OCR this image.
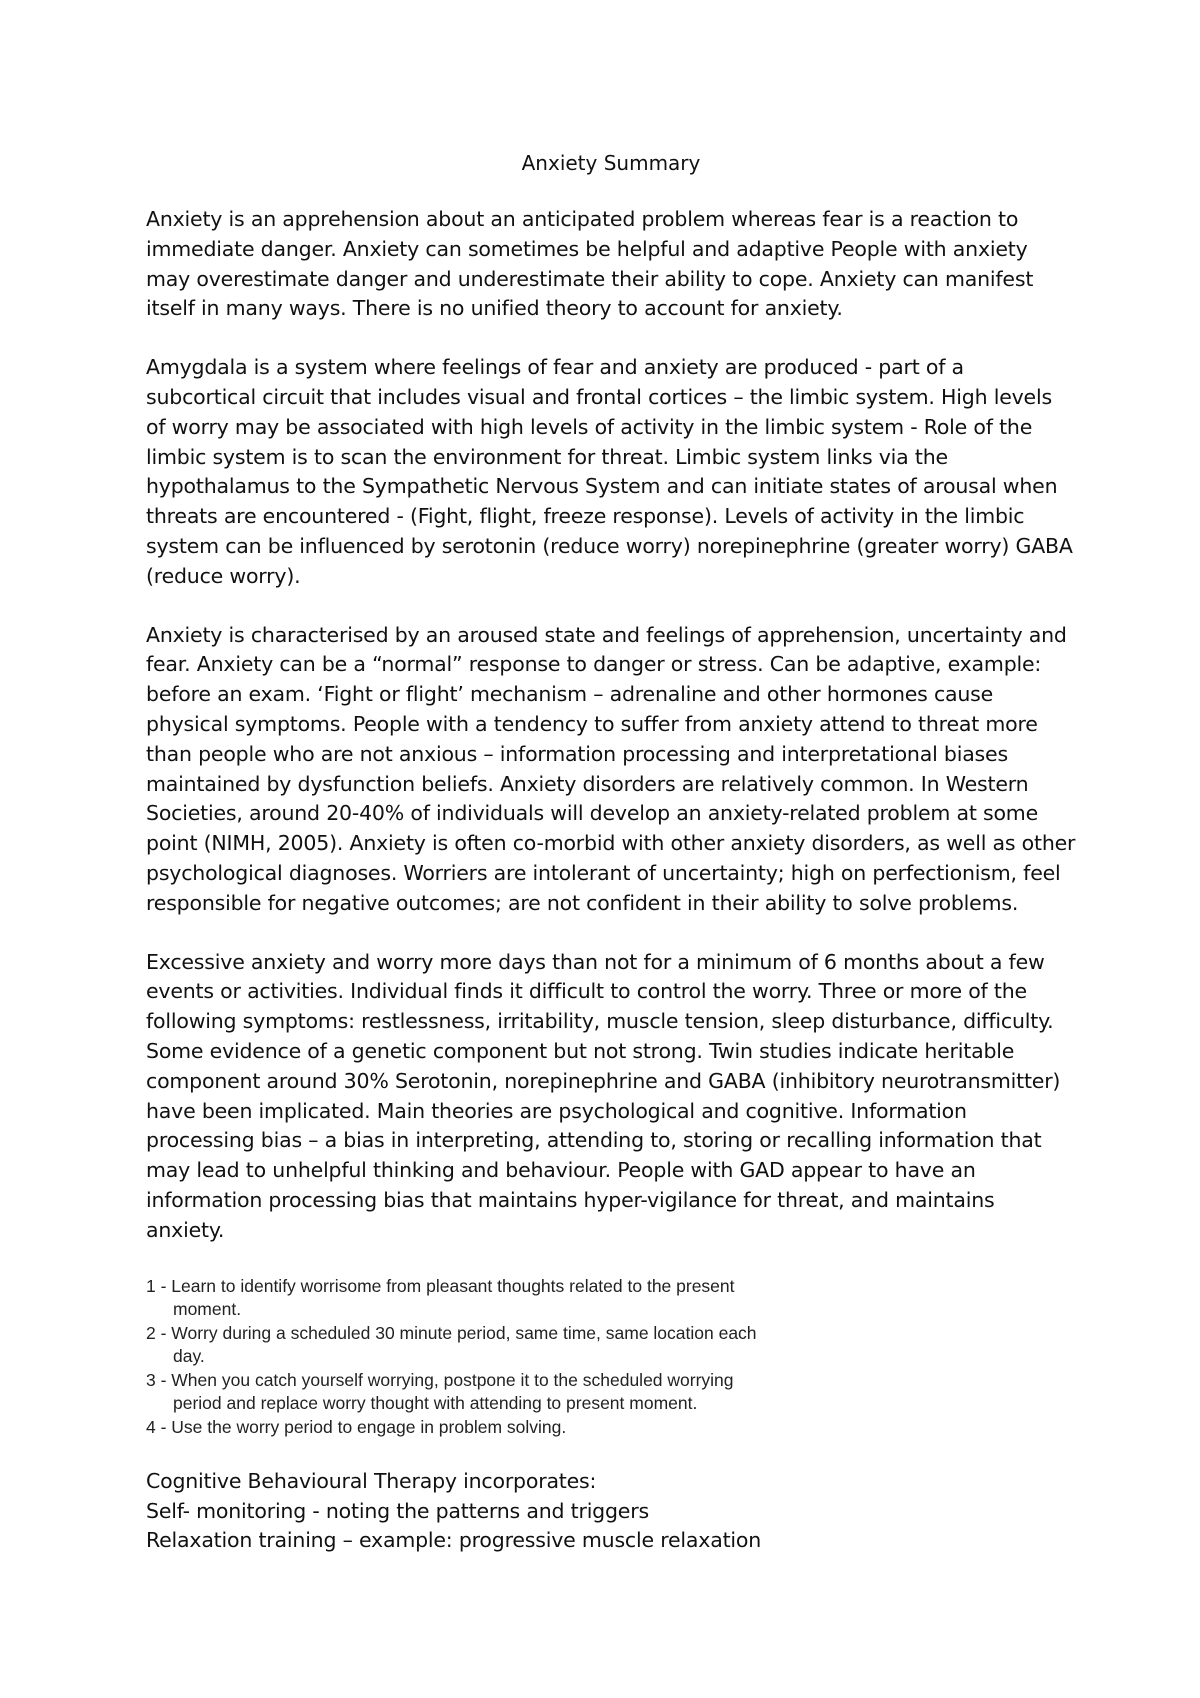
Anxiety Summary

Anxiety is an apprehension about an anticipated problem whereas fear is a reaction to immediate danger. Anxiety can sometimes be helpful and adaptive People with anxiety may overestimate danger and underestimate their ability to cope. Anxiety can manifest itself in many ways. There is no unified theory to account for anxiety.

Amygdala is a system where feelings of fear and anxiety are produced - part of a subcortical circuit that includes visual and frontal cortices – the limbic system. High levels of worry may be associated with high levels of activity in the limbic system - Role of the limbic system is to scan the environment for threat. Limbic system links via the hypothalamus to the Sympathetic Nervous System and can initiate states of arousal when threats are encountered - (Fight, flight, freeze response). Levels of activity in the limbic system can be influenced by serotonin (reduce worry) norepinephrine (greater worry) GABA (reduce worry).

Anxiety is characterised by an aroused state and feelings of apprehension, uncertainty and fear. Anxiety can be a “normal” response to danger or stress. Can be adaptive, example: before an exam. ‘Fight or flight’ mechanism – adrenaline and other hormones cause physical symptoms. People with a tendency to suffer from anxiety attend to threat more than people who are not anxious – information processing and interpretational biases maintained by dysfunction beliefs. Anxiety disorders are relatively common. In Western Societies, around 20-40% of individuals will develop an anxiety-related problem at some point (NIMH, 2005). Anxiety is often co-morbid with other anxiety disorders, as well as other psychological diagnoses. Worriers are intolerant of uncertainty; high on perfectionism, feel responsible for negative outcomes; are not confident in their ability to solve problems.

Excessive anxiety and worry more days than not for a minimum of 6 months about a few events or activities. Individual finds it difficult to control the worry. Three or more of the following symptoms: restlessness, irritability, muscle tension, sleep disturbance, difficulty. Some evidence of a genetic component but not strong. Twin studies indicate heritable component around 30% Serotonin, norepinephrine and GABA (inhibitory neurotransmitter) have been implicated. Main theories are psychological and cognitive. Information processing bias – a bias in interpreting, attending to, storing or recalling information that may lead to unhelpful thinking and behaviour. People with GAD appear to have an information processing bias that maintains hyper-vigilance for threat, and maintains anxiety.

1 - Learn to identify worrisome from pleasant thoughts related to the present moment.
2 - Worry during a scheduled 30 minute period, same time, same location each day.
3 - When you catch yourself worrying, postpone it to the scheduled worrying period and replace worry thought with attending to present moment.
4 - Use the worry period to engage in problem solving.

Cognitive Behavioural Therapy incorporates:

Self- monitoring - noting the patterns and triggers

Relaxation training – example: progressive muscle relaxation
